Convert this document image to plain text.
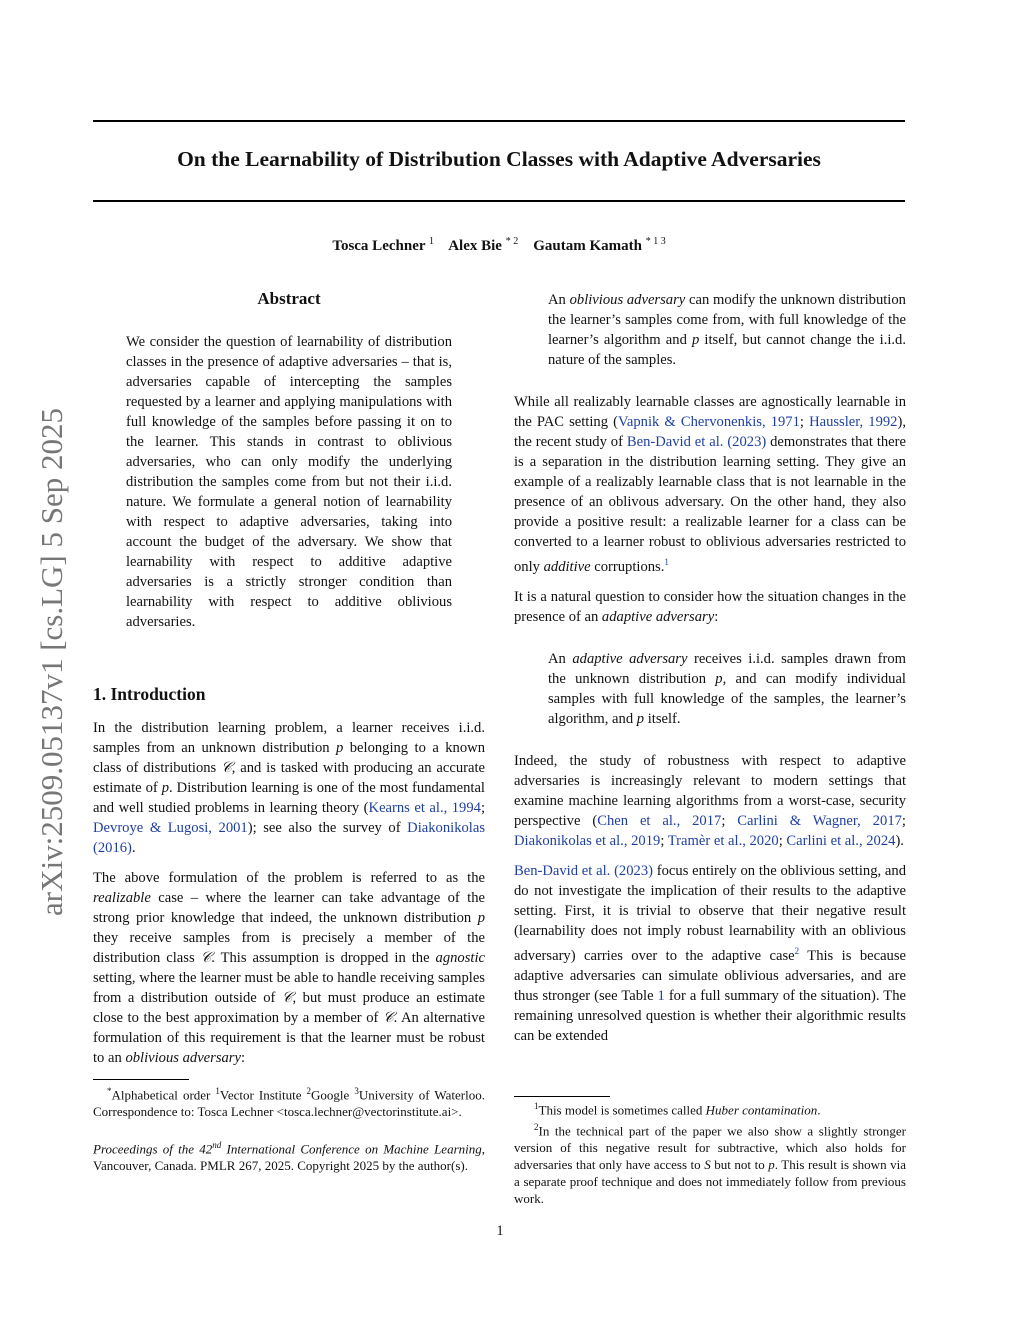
arXiv:2509.05137v1 [cs.LG] 5 Sep 2025
On the Learnability of Distribution Classes with Adaptive Adversaries
Tosca Lechner $^1$ Alex Bie $^{* 2}$ Gautam Kamath $^{* 1 3}$
Abstract

We consider the question of learnability of distribution classes in the presence of adaptive adversaries – that is, adversaries capable of intercepting the samples requested by a learner and applying manipulations with full knowledge of the samples before passing it on to the learner. This stands in contrast to oblivious adversaries, who can only modify the underlying distribution the samples come from but not their i.i.d. nature. We formulate a general notion of learnability with respect to adaptive adversaries, taking into account the budget of the adversary. We show that learnability with respect to additive adaptive adversaries is a strictly stronger condition than learnability with respect to additive oblivious adversaries.

1. Introduction

In the distribution learning problem, a learner receives i.i.d. samples from an unknown distribution p belonging to a known class of distributions 𝒞, and is tasked with producing an accurate estimate of p. Distribution learning is one of the most fundamental and well studied problems in learning theory (Kearns et al., 1994; Devroye & Lugosi, 2001); see also the survey of Diakonikolas (2016).

The above formulation of the problem is referred to as the realizable case – where the learner can take advantage of the strong prior knowledge that indeed, the unknown distribution p they receive samples from is precisely a member of the distribution class 𝒞. This assumption is dropped in the agnostic setting, where the learner must be able to handle receiving samples from a distribution outside of 𝒞, but must produce an estimate close to the best approximation by a member of 𝒞. An alternative formulation of this requirement is that the learner must be robust to an oblivious adversary:

An oblivious adversary can modify the unknown distribution the learner’s samples come from, with full knowledge of the learner’s algorithm and p itself, but cannot change the i.i.d. nature of the samples.

While all realizably learnable classes are agnostically learnable in the PAC setting (Vapnik & Chervonenkis, 1971; Haussler, 1992), the recent study of Ben-David et al. (2023) demonstrates that there is a separation in the distribution learning setting. They give an example of a realizably learnable class that is not learnable in the presence of an oblivous adversary. On the other hand, they also provide a positive result: a realizable learner for a class can be converted to a learner robust to oblivious adversaries restricted to only additive corruptions.$^1$

It is a natural question to consider how the situation changes in the presence of an adaptive adversary:

An adaptive adversary receives i.i.d. samples drawn from the unknown distribution p, and can modify individual samples with full knowledge of the samples, the learner’s algorithm, and p itself.

Indeed, the study of robustness with respect to adaptive adversaries is increasingly relevant to modern settings that examine machine learning algorithms from a worst-case, security perspective (Chen et al., 2017; Carlini & Wagner, 2017; Diakonikolas et al., 2019; Tramèr et al., 2020; Carlini et al., 2024).

Ben-David et al. (2023) focus entirely on the oblivious setting, and do not investigate the implication of their results to the adaptive setting. First, it is trivial to observe that their negative result (learnability does not imply robust learnability with an oblivious adversary) carries over to the adaptive case$^2$ This is because adaptive adversaries can simulate oblivious adversaries, and are thus stronger (see Table 1 for a full summary of the situation). The remaining unresolved question is whether their algorithmic results can be extended

*Alphabetical order $^1$Vector Institute $^2$Google $^3$University of Waterloo. Correspondence to: Tosca Lechner <tosca.lechner@vectorinstitute.ai>.

Proceedings of the 42nd International Conference on Machine Learning, Vancouver, Canada. PMLR 267, 2025. Copyright 2025 by the author(s).

$^1$This model is sometimes called Huber contamination.

$^2$In the technical part of the paper we also show a slightly stronger version of this negative result for subtractive, which also holds for adversaries that only have access to S but not to p. This result is shown via a separate proof technique and does not immediately follow from previous work.

1
